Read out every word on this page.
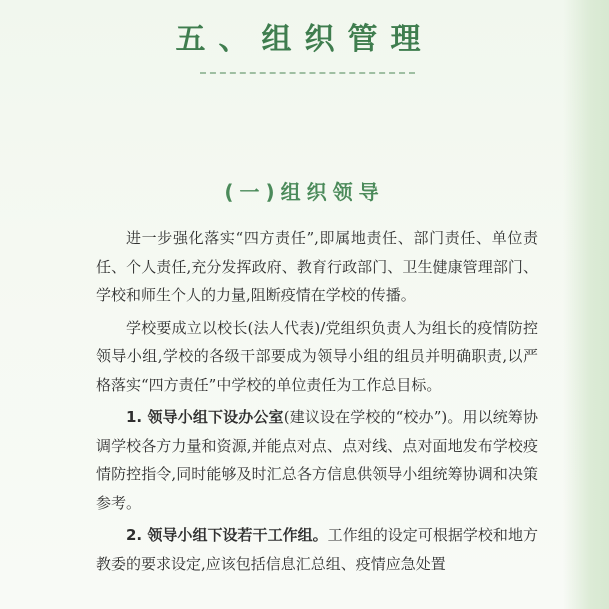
五、组织管理
(一)组织领导

进一步强化落实“四方责任”,即属地责任、部门责任、单位责任、个人责任,充分发挥政府、教育行政部门、卫生健康管理部门、学校和师生个人的力量,阻断疫情在学校的传播。

学校要成立以校长(法人代表)/党组织负责人为组长的疫情防控领导小组,学校的各级干部要成为领导小组的组员并明确职责,以严格落实“四方责任”中学校的单位责任为工作总目标。

1. 领导小组下设办公室(建议设在学校的“校办”)。用以统筹协调学校各方力量和资源,并能点对点、点对线、点对面地发布学校疫情防控指令,同时能够及时汇总各方信息供领导小组统筹协调和决策参考。

2. 领导小组下设若干工作组。工作组的设定可根据学校和地方教委的要求设定,应该包括信息汇总组、疫情应急处置
